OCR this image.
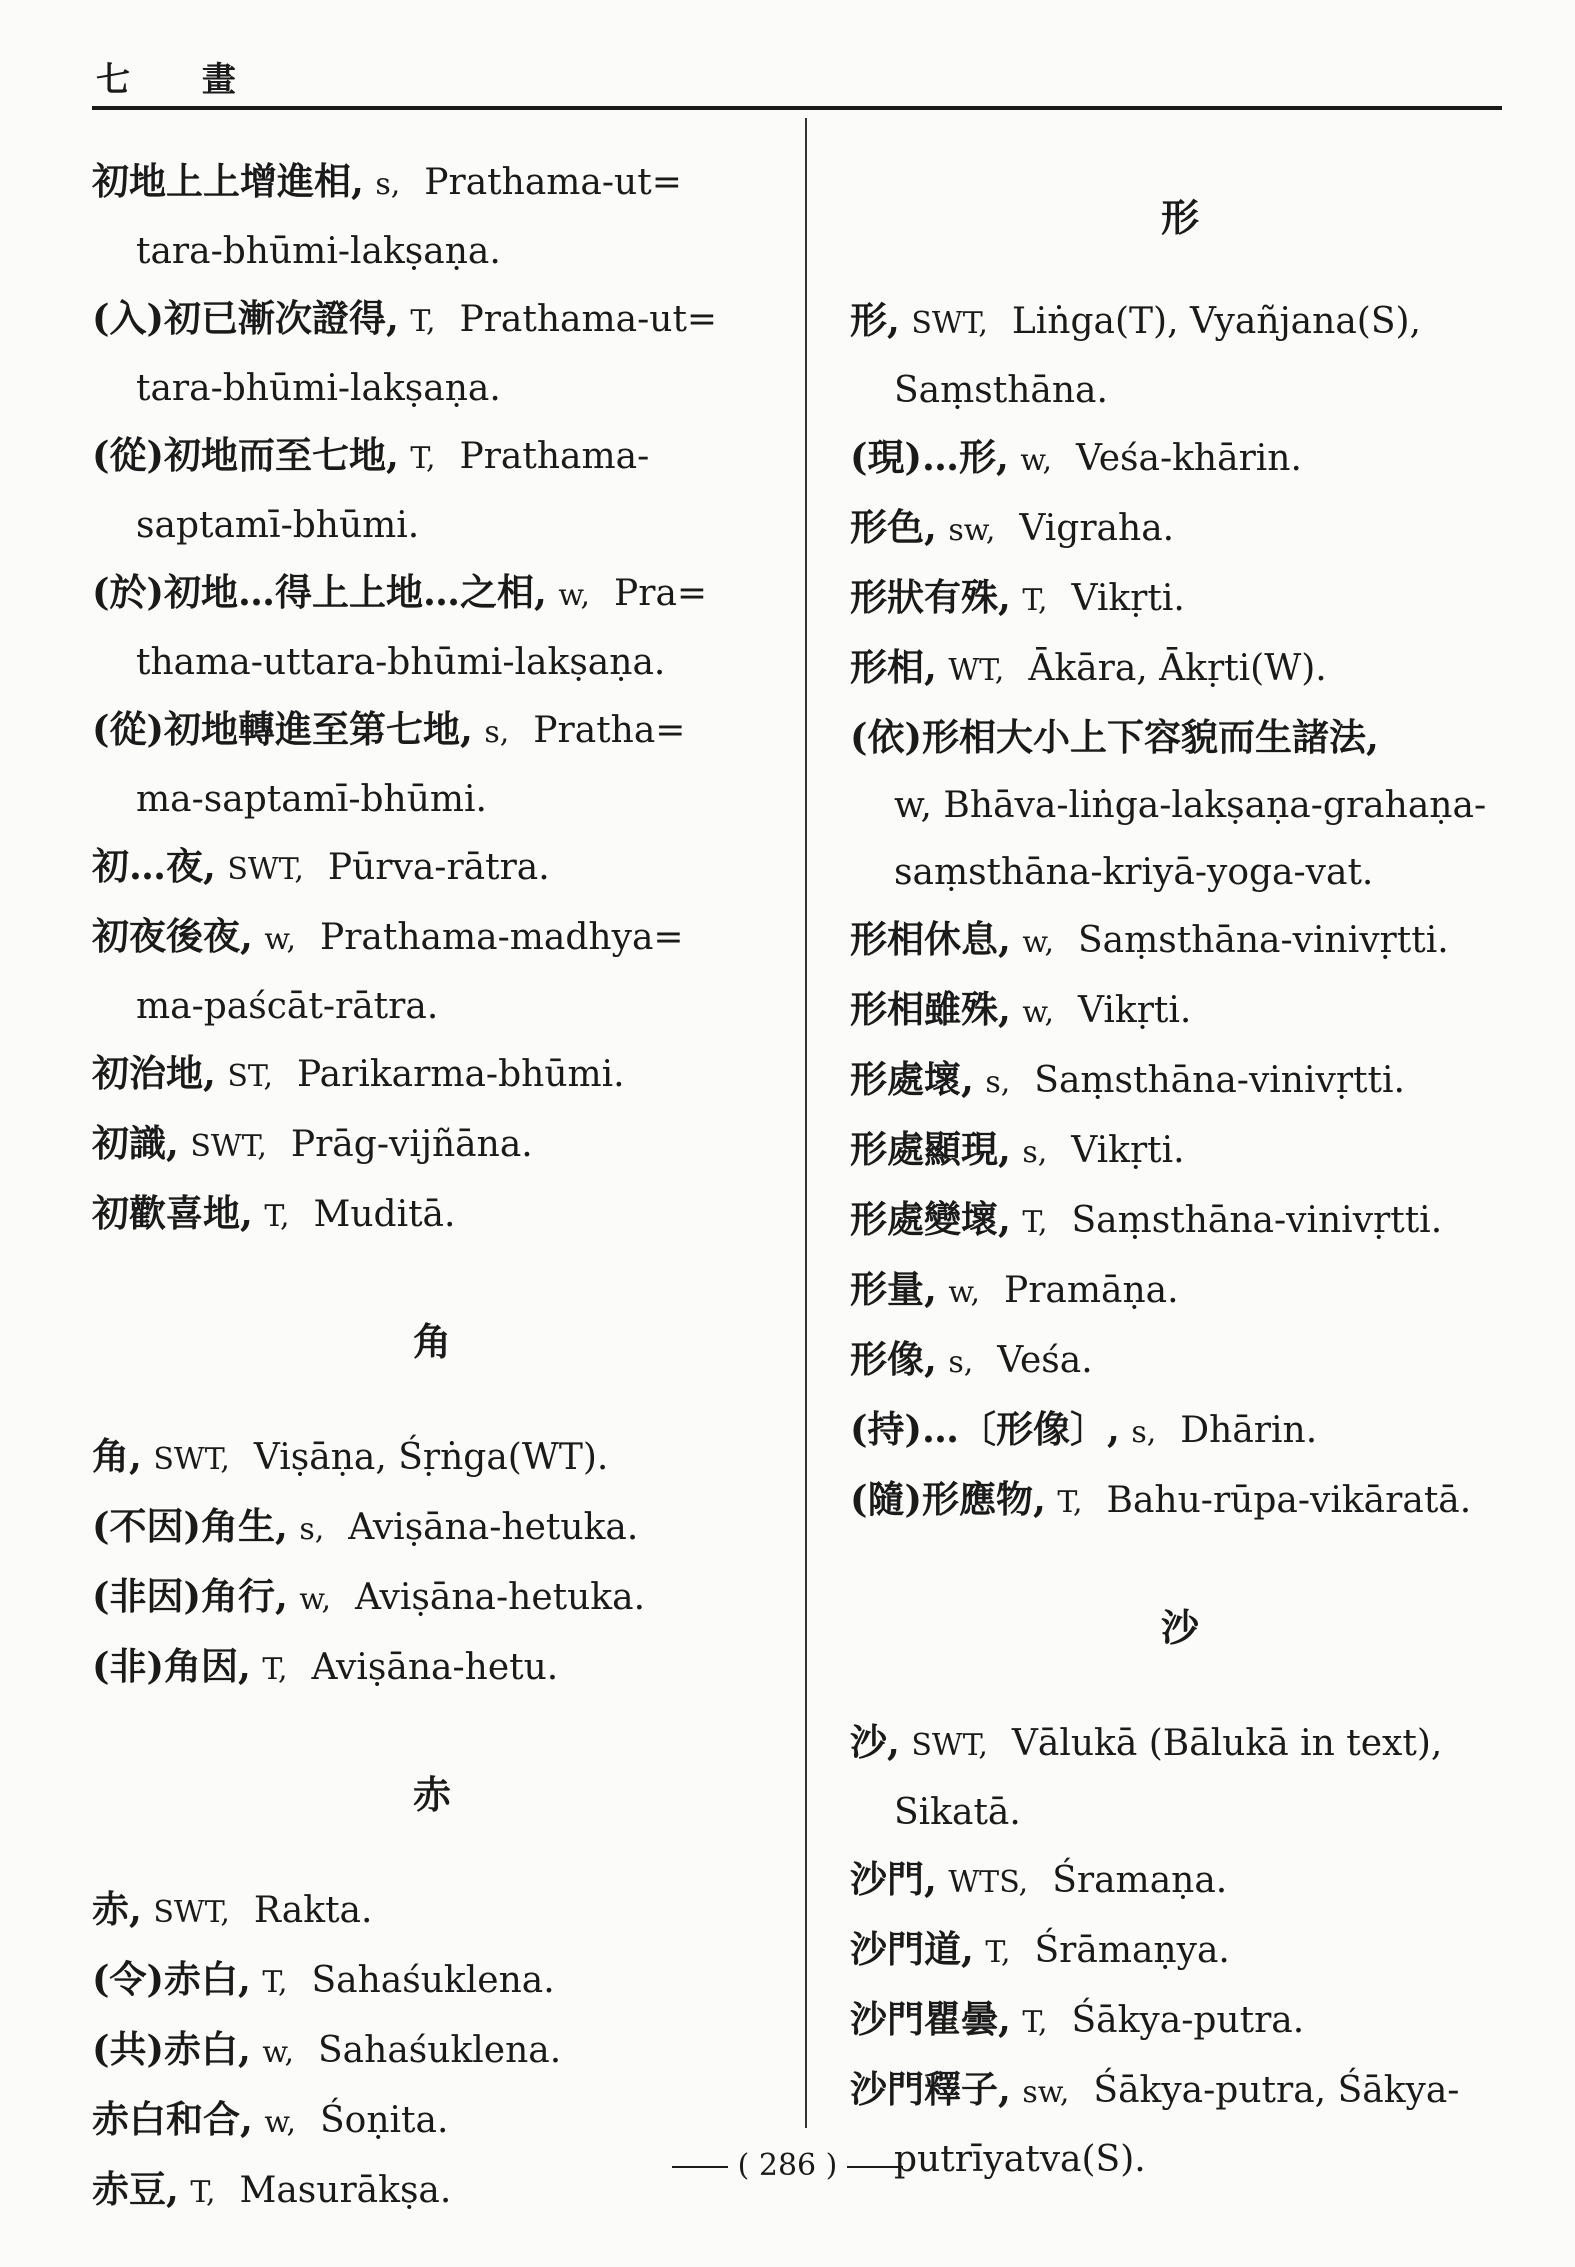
七 畫
初地上上增進相, s, Prathama-ut=
tara-bhūmi-lakṣaṇa.
(入)初已漸次證得, T, Prathama-ut=
tara-bhūmi-lakṣaṇa.
(從)初地而至七地, T, Prathama-
saptamī-bhūmi.
(於)初地…得上上地…之相, w, Pra=
thama-uttara-bhūmi-lakṣaṇa.
(從)初地轉進至第七地, s, Pratha=
ma-saptamī-bhūmi.
初…夜, SWT, Pūrva-rātra.
初夜後夜, w, Prathama-madhya=
ma-paścāt-rātra.
初治地, ST, Parikarma-bhūmi.
初識, SWT, Prāg-vijñāna.
初歡喜地, T, Muditā.
角
角, SWT, Viṣāṇa, Śṛṅga(WT).
(不因)角生, s, Aviṣāna-hetuka.
(非因)角行, w, Aviṣāna-hetuka.
(非)角因, T, Aviṣāna-hetu.
赤
赤, SWT, Rakta.
(令)赤白, T, Sahaśuklena.
(共)赤白, w, Sahaśuklena.
赤白和合, w, Śoṇita.
赤豆, T, Masurākṣa.
形
形, SWT, Liṅga(T), Vyañjana(S),
Saṃsthāna.
(現)…形, w, Veśa-khārin.
形色, sw, Vigraha.
形狀有殊, T, Vikṛti.
形相, WT, Ākāra, Ākṛti(W).
(依)形相大小上下容貌而生諸法,
w, Bhāva-liṅga-lakṣaṇa-grahaṇa-
saṃsthāna-kriyā-yoga-vat.
形相休息, w, Saṃsthāna-vinivṛtti.
形相雖殊, w, Vikṛti.
形處壞, s, Saṃsthāna-vinivṛtti.
形處顯現, s, Vikṛti.
形處變壞, T, Saṃsthāna-vinivṛtti.
形量, w, Pramāṇa.
形像, s, Veśa.
(持)…〔形像〕, s, Dhārin.
(隨)形應物, T, Bahu-rūpa-vikāratā.
沙
沙, SWT, Vālukā (Bālukā in text),
Sikatā.
沙門, WTS, Śramaṇa.
沙門道, T, Śrāmaṇya.
沙門瞿曇, T, Śākya-putra.
沙門釋子, sw, Śākya-putra, Śākya-
putrīyatva(S).
( 286 )
